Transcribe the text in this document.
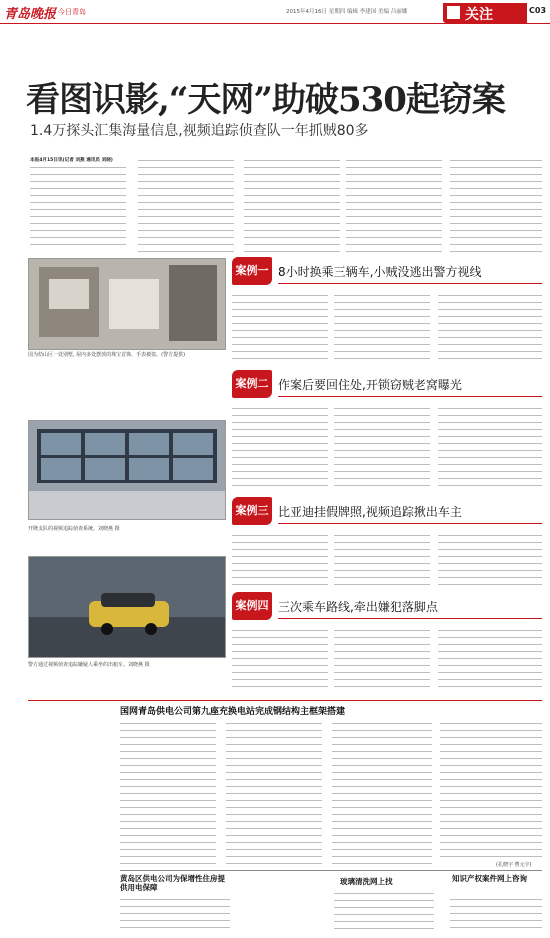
青岛晚报 今日青岛	2015年4月16日 星期四 编辑 李建国 美编 吕丽娜	关注	C03
看图识影,“天网”助破530起窃案
1.4万探头汇集海量信息,视频追踪侦查队一年抓贼80多
本报4月15日讯(记者 刘燕 通讯员 刘晓)
案例一 8小时换乘三辆车,小贼没逃出警方视线
国为幼山区一处别墅, 屋内多处摆放的珠宝首饰、手表被盗。(警方提供)
案例二 作案后要回住处,开锁窃贼老窝曝光
开隆支队的视频追踪侦查系统。刘晓燕 摄
案例三 比亚迪挂假牌照,视频追踪揪出车主
案例四 三次乘车路线,牵出嫌犯落脚点
警方通过视频侦查追踪嫌疑人乘坐的出租车。刘晓燕 摄
国网青岛供电公司第九座充换电站完成钢结构主框架搭建
(孔晓宇 曹元宇)
黄岛区供电公司为保增性住房提供用电保障
玻璃清洗网上找	知识产权案件网上咨询
